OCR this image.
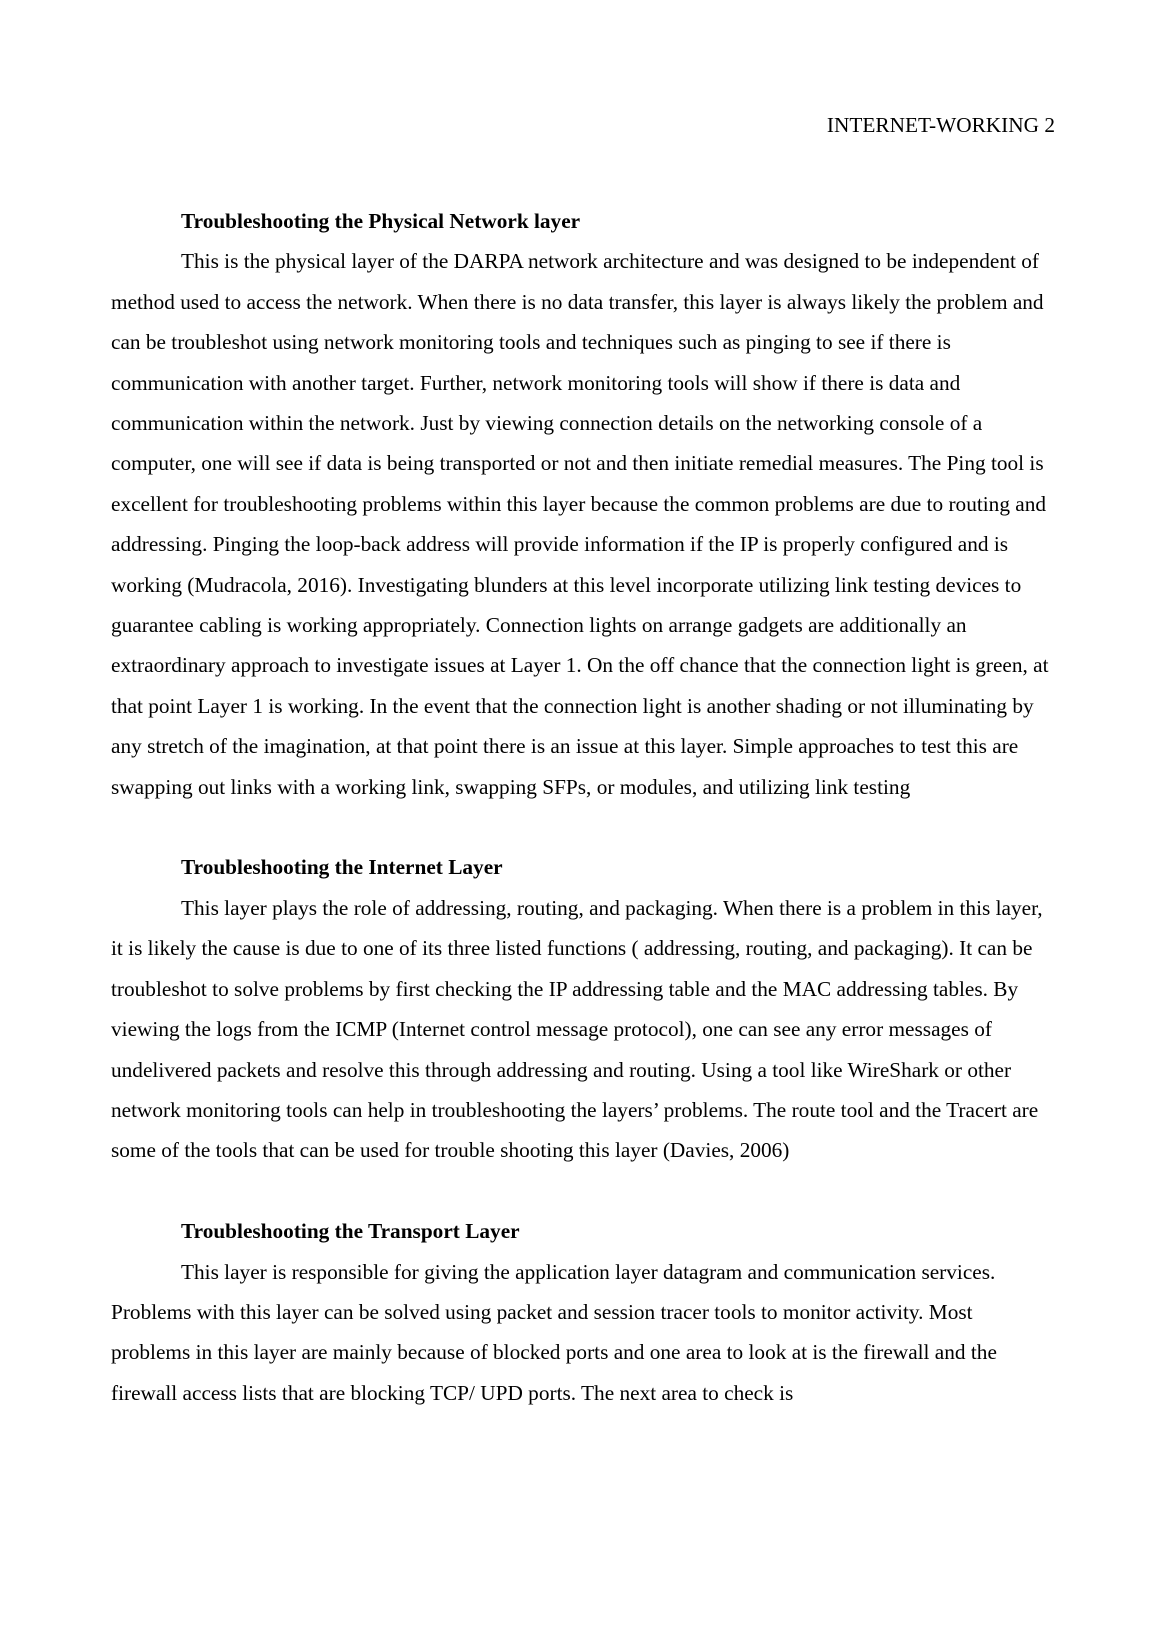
INTERNET-WORKING 2
Troubleshooting the Physical Network layer

This is the physical layer of the DARPA network architecture and was designed to be independent of method used to access the network. When there is no data transfer, this layer is always likely the problem and can be troubleshot using network monitoring tools and techniques such as pinging to see if there is communication with another target. Further, network monitoring tools will show if there is data and communication within the network. Just by viewing connection details on the networking console of a computer, one will see if data is being transported or not and then initiate remedial measures. The Ping tool is excellent for troubleshooting problems within this layer because the common problems are due to routing and addressing. Pinging the loop-back address will provide information if the IP is properly configured and is working (Mudracola, 2016). Investigating blunders at this level incorporate utilizing link testing devices to guarantee cabling is working appropriately. Connection lights on arrange gadgets are additionally an extraordinary approach to investigate issues at Layer 1. On the off chance that the connection light is green, at that point Layer 1 is working. In the event that the connection light is another shading or not illuminating by any stretch of the imagination, at that point there is an issue at this layer. Simple approaches to test this are swapping out links with a working link, swapping SFPs, or modules, and utilizing link testing

Troubleshooting the Internet Layer

This layer plays the role of addressing, routing, and packaging. When there is a problem in this layer, it is likely the cause is due to one of its three listed functions ( addressing, routing, and packaging). It can be troubleshot to solve problems by first checking the IP addressing table and the MAC addressing tables. By viewing the logs from the ICMP (Internet control message protocol), one can see any error messages of undelivered packets and resolve this through addressing and routing. Using a tool like WireShark or other network monitoring tools can help in troubleshooting the layers’ problems. The route tool and the Tracert are some of the tools that can be used for trouble shooting this layer (Davies, 2006)

Troubleshooting the Transport Layer

This layer is responsible for giving the application layer datagram and communication services. Problems with this layer can be solved using packet and session tracer tools to monitor activity. Most problems in this layer are mainly because of blocked ports and one area to look at is the firewall and the firewall access lists that are blocking TCP/ UPD ports. The next area to check is
